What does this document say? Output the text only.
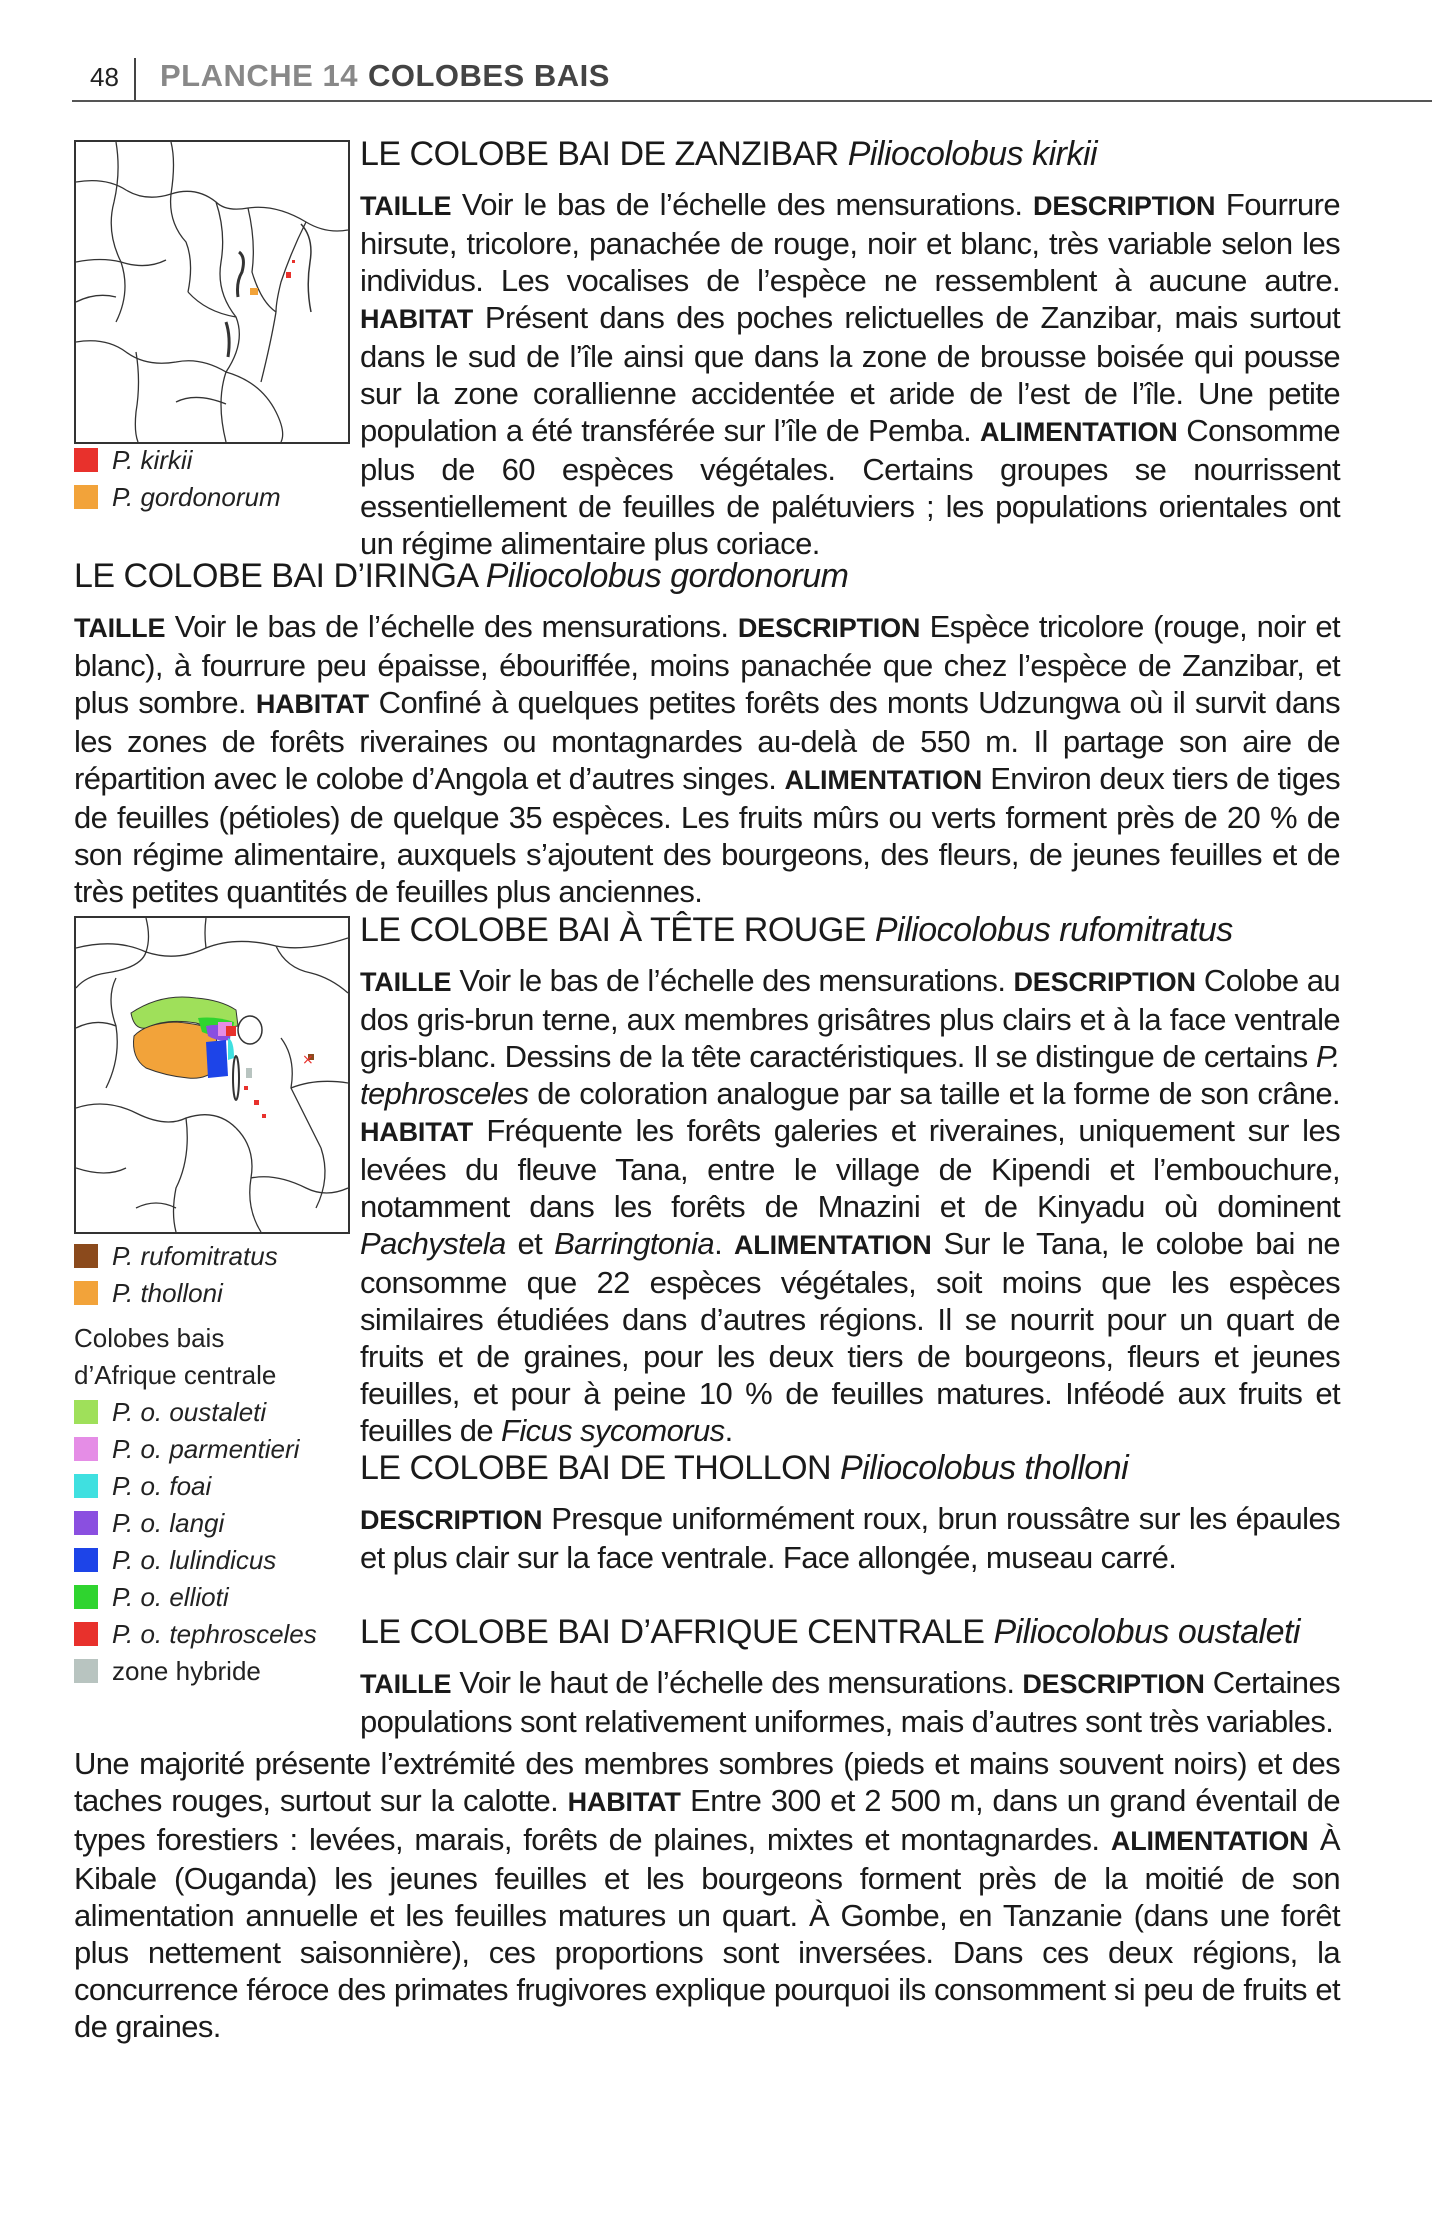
48 PLANCHE 14 COLOBES BAIS
P. kirkii
P. gordonorum
LE COLOBE BAI DE ZANZIBAR Piliocolobus kirkii

TAILLE Voir le bas de l’échelle des mensurations. DESCRIPTION Fourrure hirsute, tricolore, panachée de rouge, noir et blanc, très variable selon les individus. Les vocalises de l’espèce ne ressemblent à aucune autre. HABITAT Présent dans des poches relictuelles de Zanzibar, mais surtout dans le sud de l’île ainsi que dans la zone de brousse boisée qui pousse sur la zone corallienne accidentée et aride de l’est de l’île. Une petite population a été transférée sur l’île de Pemba. ALIMENTATION Consomme plus de 60 espèces végétales. Certains groupes se nourrissent essentiellement de feuilles de palétuviers ; les populations orientales ont un régime alimentaire plus coriace.

LE COLOBE BAI D’IRINGA Piliocolobus gordonorum

TAILLE Voir le bas de l’échelle des mensurations. DESCRIPTION Espèce tricolore (rouge, noir et blanc), à fourrure peu épaisse, ébouriffée, moins panachée que chez l’espèce de Zanzibar, et plus sombre. HABITAT Confiné à quelques petites forêts des monts Udzungwa où il survit dans les zones de forêts riveraines ou montagnardes au-delà de 550 m. Il partage son aire de répartition avec le colobe d’Angola et d’autres singes. ALIMENTATION Environ deux tiers de tiges de feuilles (pétioles) de quelque 35 espèces. Les fruits mûrs ou verts forment près de 20 % de son régime alimentaire, auxquels s’ajoutent des bourgeons, des fleurs, de jeunes feuilles et de très petites quantités de feuilles plus anciennes.

×
P. rufomitratus
P. tholloni
Colobes bais
d’Afrique centrale
P. o. oustaleti
P. o. parmentieri
P. o. foai
P. o. langi
P. o. lulindicus
P. o. ellioti
P. o. tephrosceles
zone hybride
LE COLOBE BAI À TÊTE ROUGE Piliocolobus rufomitratus

TAILLE Voir le bas de l’échelle des mensurations. DESCRIPTION Colobe au dos gris-brun terne, aux membres grisâtres plus clairs et à la face ventrale gris-blanc. Dessins de la tête caractéristiques. Il se distingue de certains P. tephrosceles de coloration analogue par sa taille et la forme de son crâne. HABITAT Fréquente les forêts galeries et riveraines, uniquement sur les levées du fleuve Tana, entre le village de Kipendi et l’embouchure, notamment dans les forêts de Mnazini et de Kinyadu où dominent Pachystela et Barringtonia. ALIMENTATION Sur le Tana, le colobe bai ne consomme que 22 espèces végétales, soit moins que les espèces similaires étudiées dans d’autres régions. Il se nourrit pour un quart de fruits et de graines, pour les deux tiers de bourgeons, fleurs et jeunes feuilles, et pour à peine 10 % de feuilles matures. Inféodé aux fruits et feuilles de Ficus sycomorus.

LE COLOBE BAI DE THOLLON Piliocolobus tholloni

DESCRIPTION Presque uniformément roux, brun roussâtre sur les épaules et plus clair sur la face ventrale. Face allongée, museau carré.

LE COLOBE BAI D’AFRIQUE CENTRALE Piliocolobus oustaleti

TAILLE Voir le haut de l’échelle des mensurations. DESCRIPTION Certaines populations sont relativement uniformes, mais d’autres sont très variables.

Une majorité présente l’extrémité des membres sombres (pieds et mains souvent noirs) et des taches rouges, surtout sur la calotte. HABITAT Entre 300 et 2 500 m, dans un grand éventail de types forestiers : levées, marais, forêts de plaines, mixtes et montagnardes. ALIMENTATION À Kibale (Ouganda) les jeunes feuilles et les bourgeons forment près de la moitié de son alimentation annuelle et les feuilles matures un quart. À Gombe, en Tanzanie (dans une forêt plus nettement saisonnière), ces proportions sont inversées. Dans ces deux régions, la concurrence féroce des primates frugivores explique pourquoi ils consomment si peu de fruits et de graines.
